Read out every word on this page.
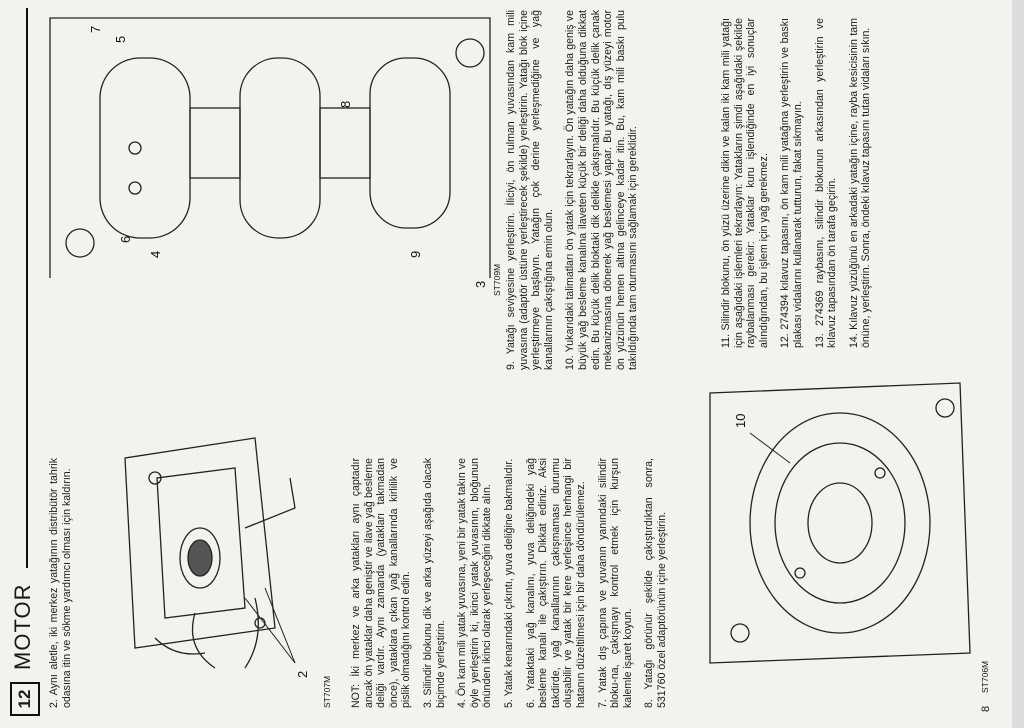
12
MOTOR 2. Aynı aletle, iki merkez yatağının distribütör tahrik odasına itin ve sökme yardımcı olması için kaldırın.	2
ST707M NOT: İki merkez ve arka yatakları aynı çaptadır ancak ön yataklar daha geniştir ve ilave yağ besleme deliği vardır. Aynı zamanda (yatakları takmadan önce), yataklara çıkan yağ kanallarında kirlilik ve pislik olmadığını kontrol edin. 3. Silindir blokunu dik ve arka yüzeyi aşağıda olacak biçimde yerleştirin. 4. Ön kam mili yatak yuvasına, yeni bir yatak takın ve öyle yerleştirin ki, ikinci yatak yuvasının, bloğunun önünden ikinci olarak yerleşeceğini dikkate alın. 5. Yatak kenarındaki çıkıntı, yuva deliğine bakmalıdır. 6. Yataktaki yağ kanalını, yuva deliğindeki yağ besleme kanalı ile çakıştırın. Dikkat ediniz. Aksi takdirde, yağ kanallarının çakışmaması durumu oluşabilir ve yatak bir kere yerleşince herhangi bir hatanın düzeltilmesi için bir daha döndürülemez. 7. Yatak dış çapına ve yuvanın yanındaki silindir bloku-na, çakışmayı kontrol etmek için kurşun kalemle işaret koyun. 8. Yatağı görünür şekilde çakıştırdıktan sonra, 531760 özel adaptörünün içine yerleştirin.

3
9
8
4
5
6
7
ST709M 9. Yatağı seviyesine yerleştirin. İliciyi, ön rulman yuvasından kam mili yuvasına (adaptör üstüne yerleştirecek şekilde) yerleştirin. Yatağı blok içine yerleştirmeye başlayın. Yatağın çok derine yerleşmediğine ve yağ kanallarının çakıştığına emin olun. 10. Yukarıdaki talimatları ön yatak için tekrarlayın. Ön yatağın daha geniş ve büyük yağ besleme kanalına ilaveten küçük bir deliği daha olduğuna dikkat edin. Bu küçük delik bloktaki dik delikle çakışmalıdır. Bu küçük delik çanak mekanizmasına dönerek yağ beslemesi yapar. Bu yatağı, dış yüzeyi motor ön yüzünün hemen altına gelinceye kadar itin. Bu, kam mili baskı pulu takıldığında tam oturmasını sağlamak için gereklidir.

10
ST706M

11. Silindir blokunu, ön yüzü üzerine dikin ve kalan iki kam mili yatağı için aşağıdaki işlemleri tekrarlayın: Yatakların şimdi aşağıdaki şekilde raybalanması gerekir: Yataklar kuru işlendiğinde en iyi sonuçlar alındığından, bu işlem için yağ gerekmez. 12. 274394 kılavuz tapasını, ön kam mili yatağına yerleştirin ve baskı plakası vidalarını kullanarak tutturun, fakat sıkmayın. 13. 274369 raybasını, silindir blokunun arkasından yerleştirin ve kılavuz tapasından ön tarafa geçirin. 14. Kılavuz yüzüğünü en arkadaki yatağın içine, rayba kesicisinin tam önüne, yerleştirin. Sonra, öndeki kılavuz tapasını tutan vidaları sıkın.

8
